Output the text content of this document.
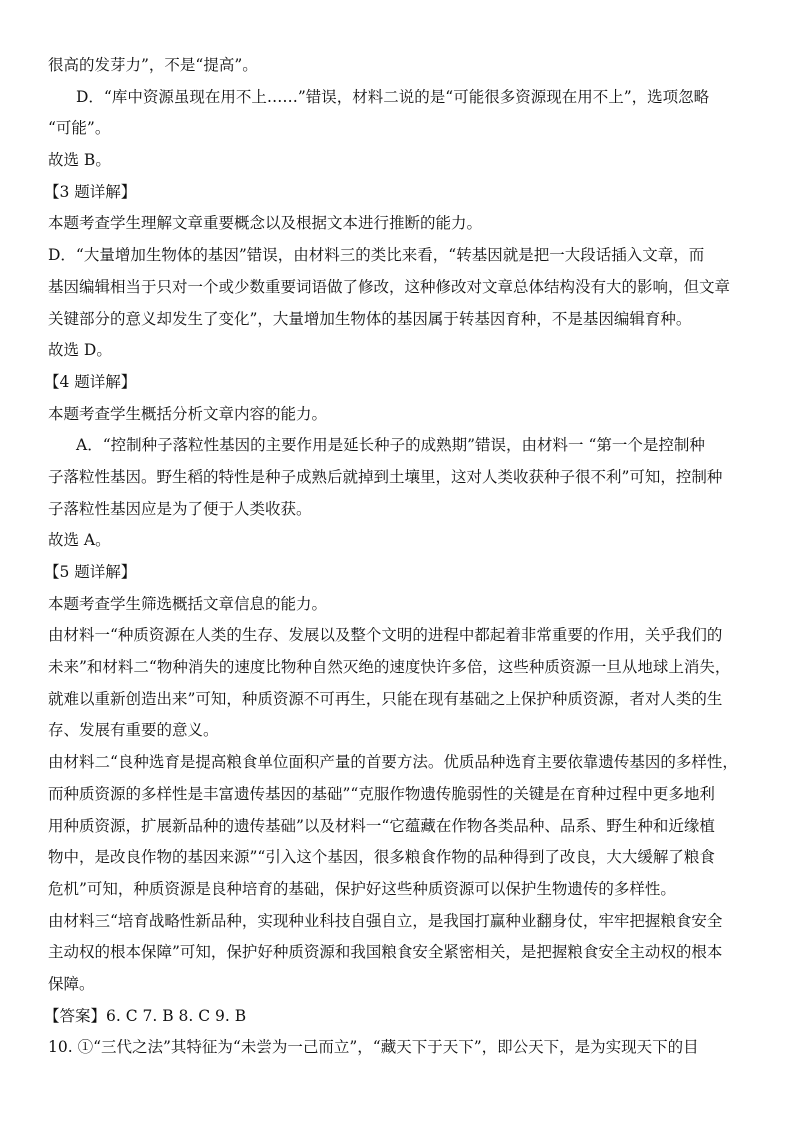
很高的发芽力”，不是“提高”。
D．“库中资源虽现在用不上……”错误，材料二说的是“可能很多资源现在用不上”，选项忽略
“可能”。
故选 B。
【3 题详解】
本题考查学生理解文章重要概念以及根据文本进行推断的能力。
D．“大量增加生物体的基因”错误，由材料三的类比来看，“转基因就是把一大段话插入文章，而
基因编辑相当于只对一个或少数重要词语做了修改，这种修改对文章总体结构没有大的影响，但文章
关键部分的意义却发生了变化”，大量增加生物体的基因属于转基因育种，不是基因编辑育种。
故选 D。
【4 题详解】
本题考查学生概括分析文章内容的能力。
A．“控制种子落粒性基因的主要作用是延长种子的成熟期”错误，由材料一 “第一个是控制种
子落粒性基因。野生稻的特性是种子成熟后就掉到土壤里，这对人类收获种子很不利”可知，控制种
子落粒性基因应是为了便于人类收获。
故选 A。
【5 题详解】
本题考查学生筛选概括文章信息的能力。
由材料一“种质资源在人类的生存、发展以及整个文明的进程中都起着非常重要的作用，关乎我们的
未来”和材料二“物种消失的速度比物种自然灭绝的速度快许多倍，这些种质资源一旦从地球上消失，
就难以重新创造出来”可知，种质资源不可再生，只能在现有基础之上保护种质资源，者对人类的生
存、发展有重要的意义。
由材料二“良种选育是提高粮食单位面积产量的首要方法。优质品种选育主要依靠遗传基因的多样性，
而种质资源的多样性是丰富遗传基因的基础”“克服作物遗传脆弱性的关键是在育种过程中更多地利
用种质资源，扩展新品种的遗传基础”以及材料一“它蕴藏在作物各类品种、品系、野生种和近缘植
物中，是改良作物的基因来源”“引入这个基因，很多粮食作物的品种得到了改良，大大缓解了粮食
危机”可知，种质资源是良种培育的基础，保护好这些种质资源可以保护生物遗传的多样性。
由材料三“培育战略性新品种，实现种业科技自强自立，是我国打赢种业翻身仗，牢牢把握粮食安全
主动权的根本保障”可知，保护好种质资源和我国粮食安全紧密相关，是把握粮食安全主动权的根本
保障。
【答案】6. C 7. B 8. C 9. B
10. ①“三代之法”其特征为“未尝为一己而立”，“藏天下于天下”，即公天下，是为实现天下的目
